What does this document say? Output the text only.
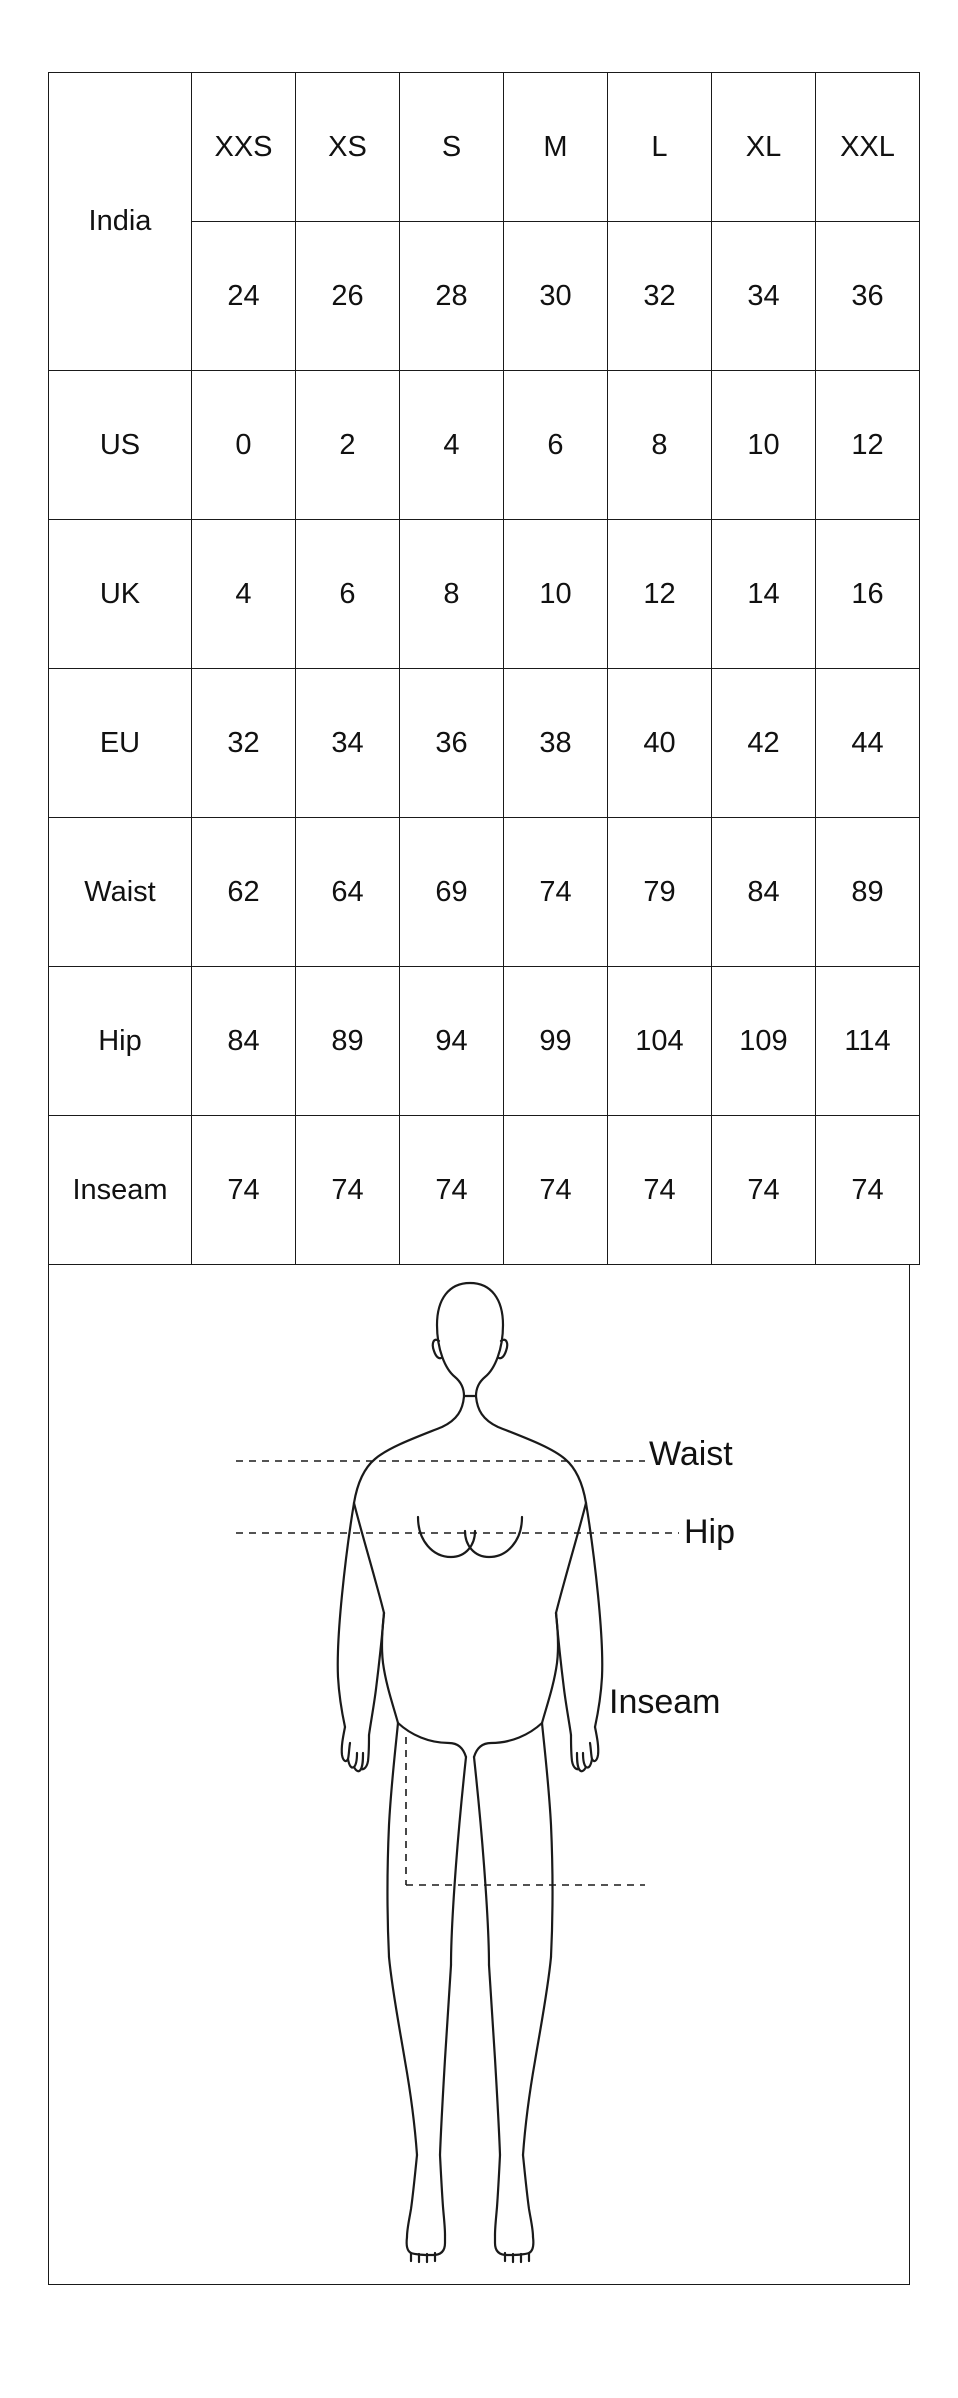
India	XXS	XS	S	M	L	XL	XXL
	24	26	28	30	32	34	36
US	0	2	4	6	8	10	12
UK	4	6	8	10	12	14	16
EU	32	34	36	38	40	42	44
Waist	62	64	69	74	79	84	89
Hip	84	89	94	99	104	109	114
Inseam	74	74	74	74	74	74	74
Waist
Hip
Inseam
